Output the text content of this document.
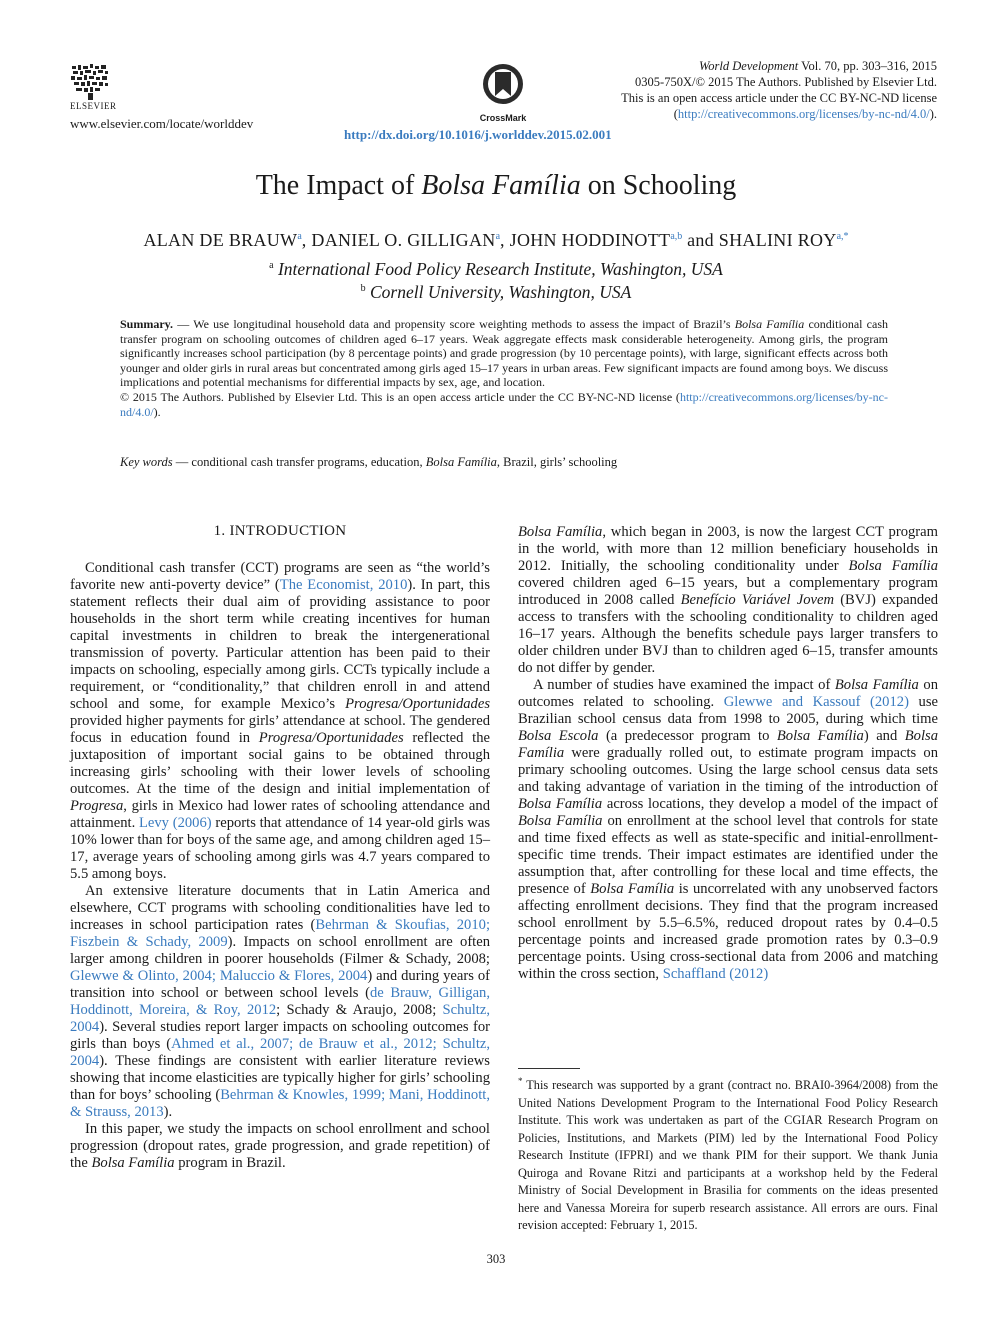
ELSEVIER
www.elsevier.com/locate/worlddev	CrossMark
http://dx.doi.org/10.1016/j.worlddev.2015.02.001
World Development Vol. 70, pp. 303–316, 2015
0305-750X/© 2015 The Authors. Published by Elsevier Ltd.
This is an open access article under the CC BY-NC-ND license
(http://creativecommons.org/licenses/by-nc-nd/4.0/).
The Impact of Bolsa Família on Schooling
ALAN DE BRAUW$^a$, DANIEL O. GILLIGAN$^a$, JOHN HODDINOTT$^{a,b}$ and SHALINI $ROY^{a,*}$
$^a$ International Food Policy Research Institute, Washington, USA
$^b$ Cornell University, Washington, USA
Summary. — We use longitudinal household data and propensity score weighting methods to assess the impact of Brazil’s Bolsa Família conditional cash transfer program on schooling outcomes of children aged 6–17 years. Weak aggregate effects mask considerable heterogeneity. Among girls, the program significantly increases school participation (by 8 percentage points) and grade progression (by 10 percentage points), with large, significant effects across both younger and older girls in rural areas but concentrated among girls aged 15–17 years in urban areas. Few significant impacts are found among boys. We discuss implications and potential mechanisms for differential impacts by sex, age, and location.
© 2015 The Authors. Published by Elsevier Ltd. This is an open access article under the CC BY-NC-ND license (http://creativecommons.org/licenses/by-nc-nd/4.0/).
Key words — conditional cash transfer programs, education, Bolsa Família, Brazil, girls’ schooling
1. INTRODUCTION

Conditional cash transfer (CCT) programs are seen as “the world’s favorite new anti-poverty device” (The Economist, 2010). In part, this statement reflects their dual aim of providing assistance to poor households in the short term while creating incentives for human capital investments in children to break the intergenerational transmission of poverty. Particular attention has been paid to their impacts on schooling, especially among girls. CCTs typically include a requirement, or “conditionality,” that children enroll in and attend school and some, for example Mexico’s Progresa/Oportunidades provided higher payments for girls’ attendance at school. The gendered focus in education found in Progresa/Oportunidades reflected the juxtaposition of important social gains to be obtained through increasing girls’ schooling with their lower levels of schooling outcomes. At the time of the design and initial implementation of Progresa, girls in Mexico had lower rates of schooling attendance and attainment. Levy (2006) reports that attendance of 14 year-old girls was 10% lower than for boys of the same age, and among children aged 15–17, average years of schooling among girls was 4.7 years compared to 5.5 among boys.

An extensive literature documents that in Latin America and elsewhere, CCT programs with schooling conditionalities have led to increases in school participation rates (Behrman & Skoufias, 2010; Fiszbein & Schady, 2009). Impacts on school enrollment are often larger among children in poorer households (Filmer & Schady, 2008; Glewwe & Olinto, 2004; Maluccio & Flores, 2004) and during years of transition into school or between school levels (de Brauw, Gilligan, Hoddinott, Moreira, & Roy, 2012; Schady & Araujo, 2008; Schultz, 2004). Several studies report larger impacts on schooling outcomes for girls than boys (Ahmed et al., 2007; de Brauw et al., 2012; Schultz, 2004). These findings are consistent with earlier literature reviews showing that income elasticities are typically higher for girls’ schooling than for boys’ schooling (Behrman & Knowles, 1999; Mani, Hoddinott, & Strauss, 2013).

In this paper, we study the impacts on school enrollment and school progression (dropout rates, grade progression, and grade repetition) of the Bolsa Família program in Brazil.

Bolsa Família, which began in 2003, is now the largest CCT program in the world, with more than 12 million beneficiary households in 2012. Initially, the schooling conditionality under Bolsa Família covered children aged 6–15 years, but a complementary program introduced in 2008 called Benefício Variável Jovem (BVJ) expanded access to transfers with the schooling conditionality to children aged 16–17 years. Although the benefits schedule pays larger transfers to older children under BVJ than to children aged 6–15, transfer amounts do not differ by gender.

A number of studies have examined the impact of Bolsa Família on outcomes related to schooling. Glewwe and Kassouf (2012) use Brazilian school census data from 1998 to 2005, during which time Bolsa Escola (a predecessor program to Bolsa Família) and Bolsa Família were gradually rolled out, to estimate program impacts on primary schooling outcomes. Using the large school census data sets and taking advantage of variation in the timing of the introduction of Bolsa Família across locations, they develop a model of the impact of Bolsa Família on enrollment at the school level that controls for state and time fixed effects as well as state-specific and initial-enrollment-specific time trends. Their impact estimates are identified under the assumption that, after controlling for these local and time effects, the presence of Bolsa Família is uncorrelated with any unobserved factors affecting enrollment decisions. They find that the program increased school enrollment by 5.5–6.5%, reduced dropout rates by 0.4–0.5 percentage points and increased grade promotion rates by 0.3–0.9 percentage points. Using cross-sectional data from 2006 and matching within the cross section, Schaffland (2012)

* This research was supported by a grant (contract no. BRAI0-3964/2008) from the United Nations Development Program to the International Food Policy Research Institute. This work was undertaken as part of the CGIAR Research Program on Policies, Institutions, and Markets (PIM) led by the International Food Policy Research Institute (IFPRI) and we thank PIM for their support. We thank Junia Quiroga and Rovane Ritzi and participants at a workshop held by the Federal Ministry of Social Development in Brasilia for comments on the ideas presented here and Vanessa Moreira for superb research assistance. All errors are ours. Final revision accepted: February 1, 2015.
303
